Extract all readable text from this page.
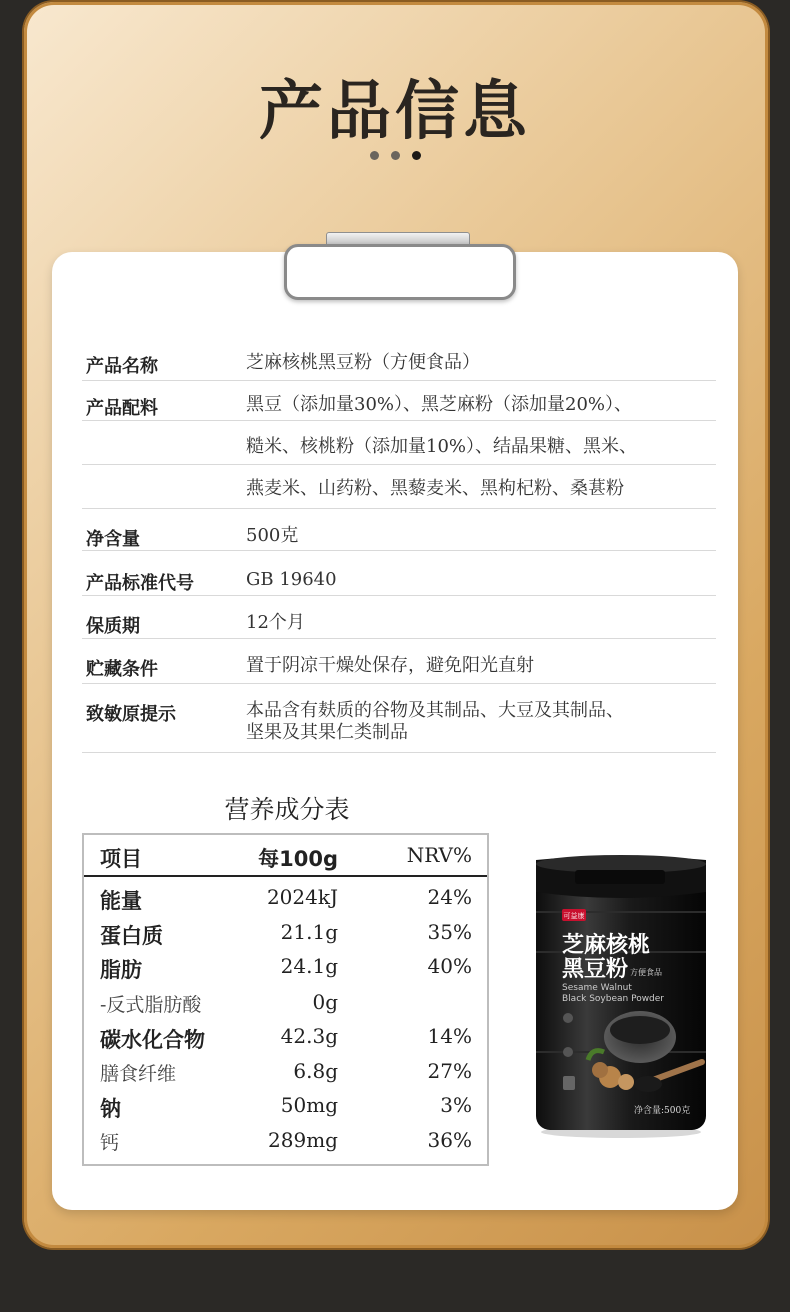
产品信息
产品名称	芝麻核桃黑豆粉（方便食品）
产品配料	黑豆（添加量30%）、黑芝麻粉（添加量20%）、
糙米、核桃粉（添加量10%）、结晶果糖、黑米、
燕麦米、山药粉、黑藜麦米、黑枸杞粉、桑葚粉
净含量	500克
产品标准代号	GB 19640
保质期	12个月
贮藏条件	置于阴凉干燥处保存，避免阳光直射
致敏原提示	本品含有麸质的谷物及其制品、大豆及其制品、
坚果及其果仁类制品
营养成分表
项目	每100g	NRV%
能量	2024kJ	24%
蛋白质	21.1g	35%
脂肪	24.1g	40%
-反式脂肪酸	0g
碳水化合物	42.3g	14%
膳食纤维	6.8g	27%
钠	50mg	3%
钙	289mg	36%
可益康
芝麻核桃
黑豆粉 方便食品
Sesame Walnut
Black Soybean Powder
净含量:500克
